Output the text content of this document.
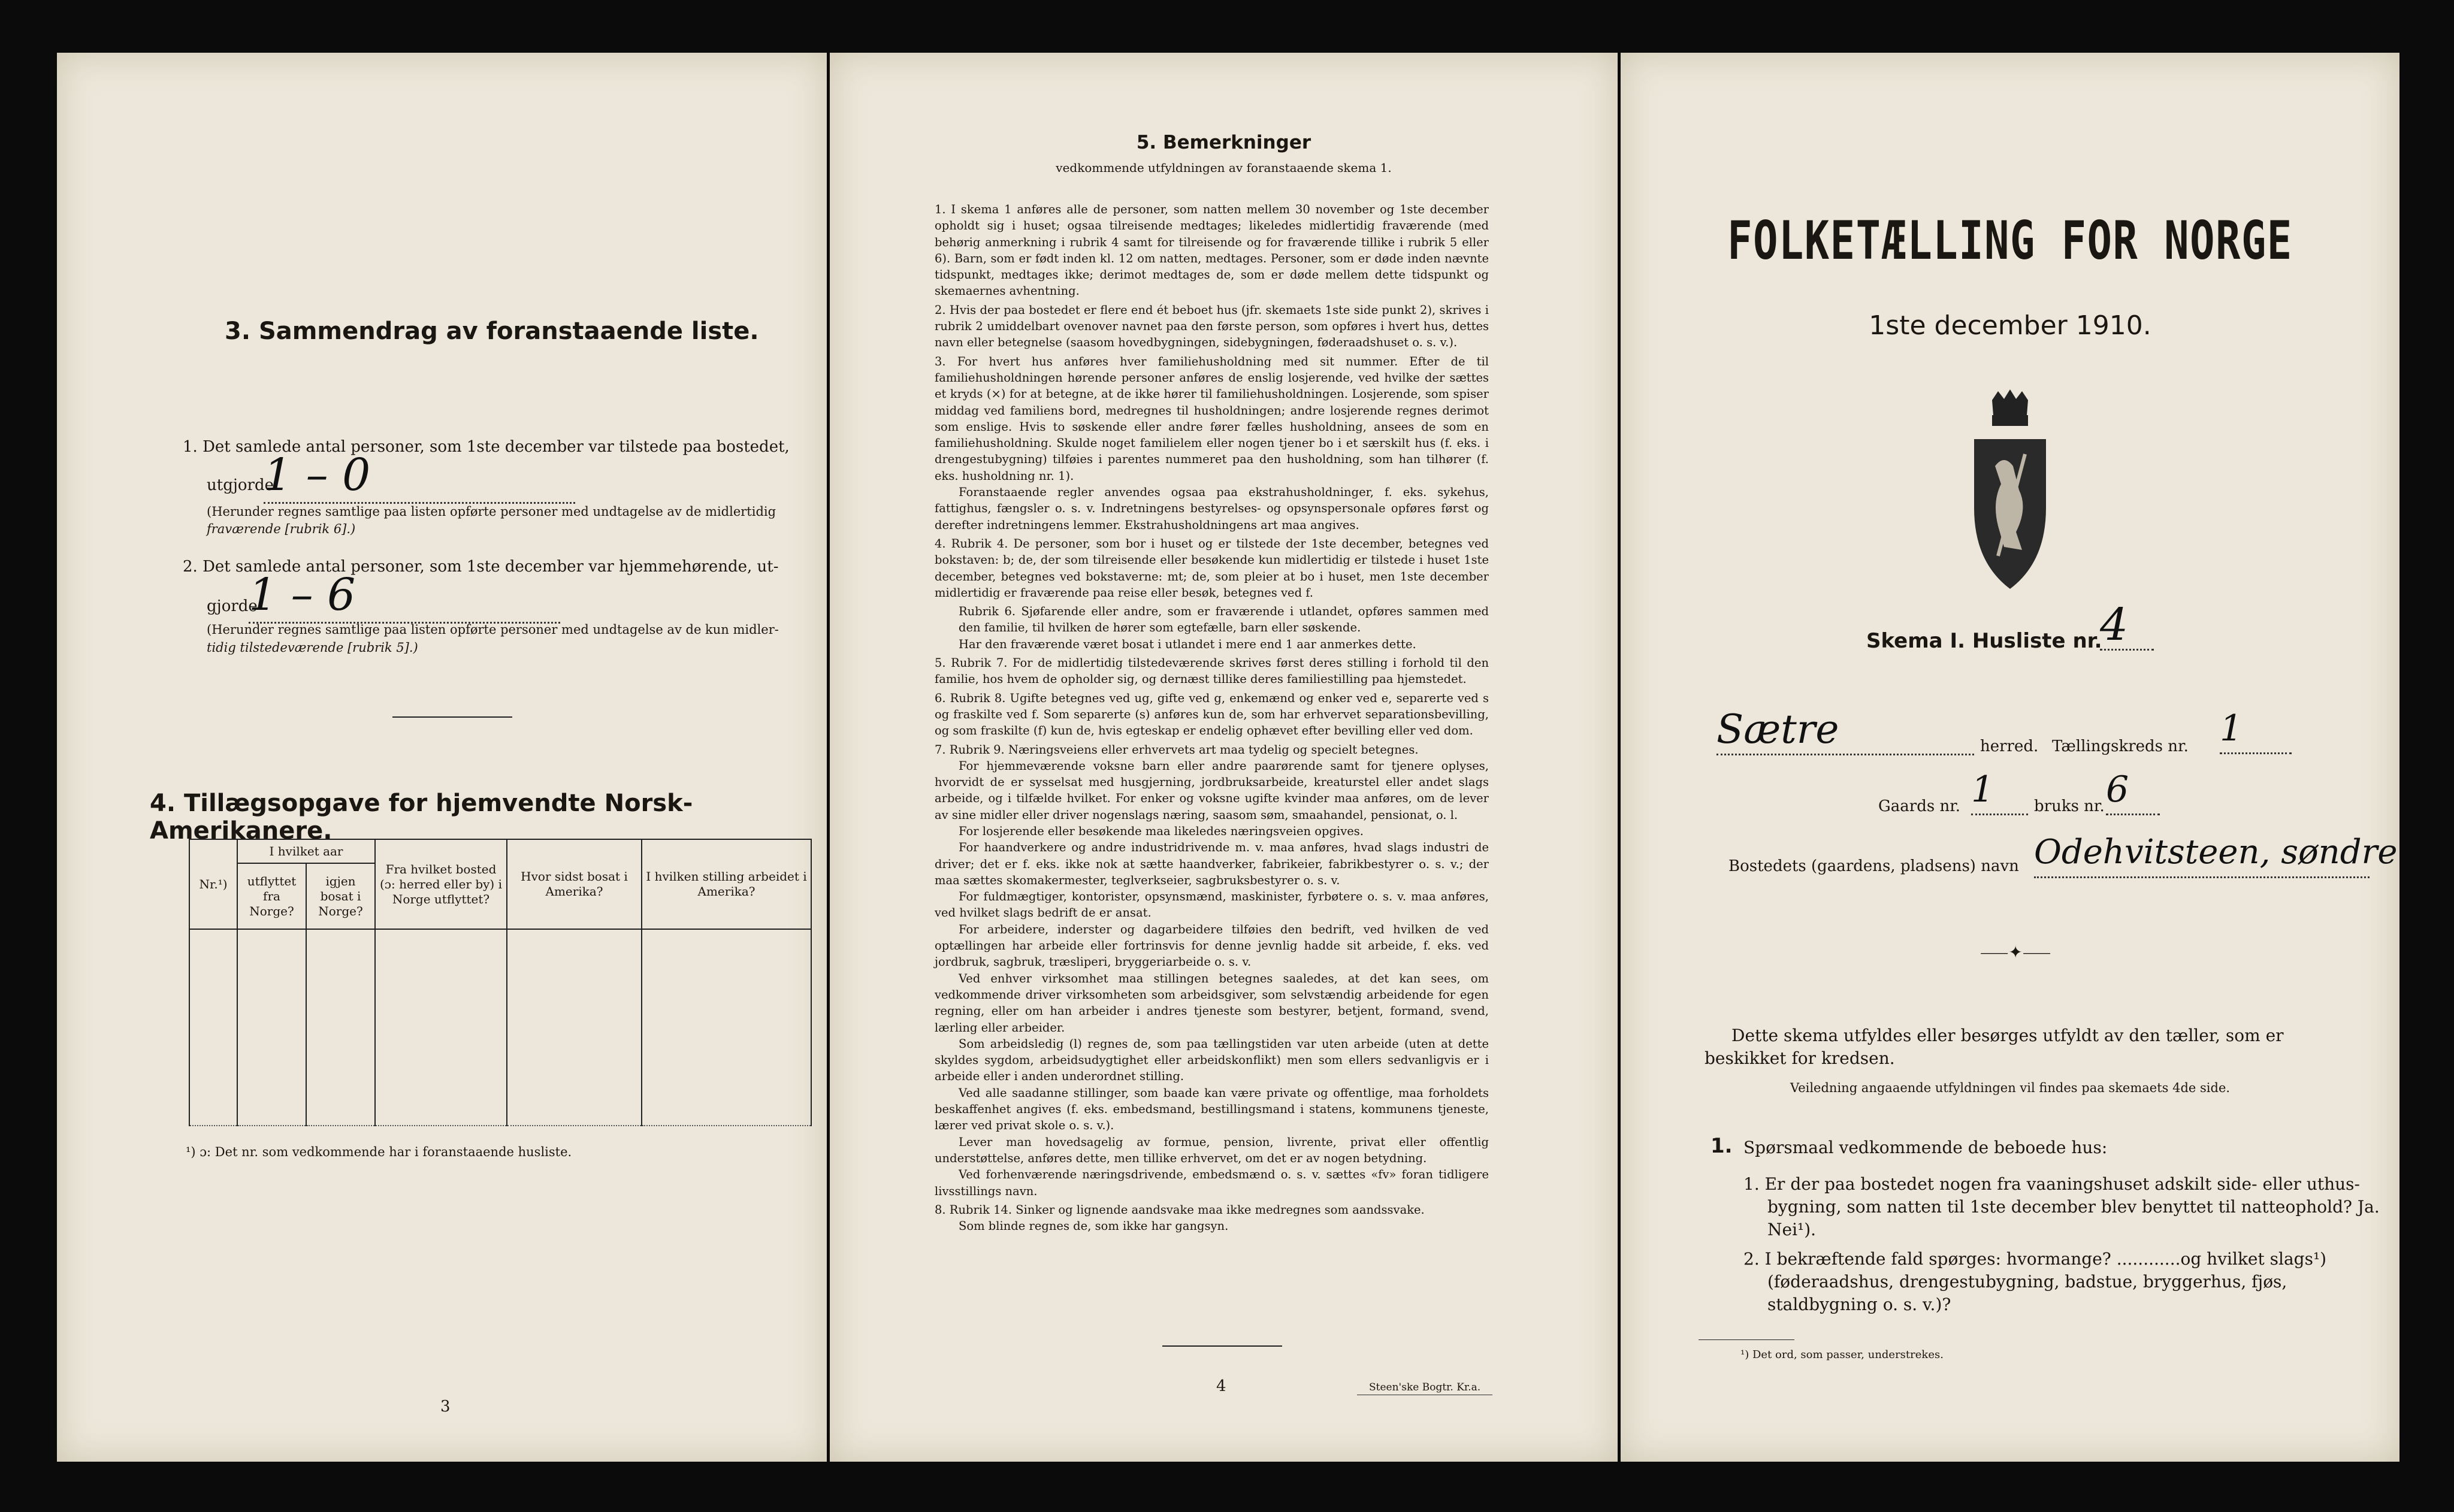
3. Sammendrag av foranstaaende liste.
1. Det samlede antal personer, som 1ste december var tilstede paa bostedet,
utgjorde
1 – 0
(Herunder regnes samtlige paa listen opførte personer med undtagelse av de midlertidig
fraværende [rubrik 6].)
2. Det samlede antal personer, som 1ste december var hjemmehørende, ut-
gjorde
1 – 6
(Herunder regnes samtlige paa listen opførte personer med undtagelse av de kun midler-
tidig tilstedeværende [rubrik 5].)
4. Tillægsopgave for hjemvendte Norsk-Amerikanere.
Nr.¹)	I hvilket aar		Fra hvilket bosted (ɔ: herred eller by) i Norge utflyttet?	Hvor sidst bosat i Amerika?	I hvilken stilling arbeidet i Amerika?
	utflyttet fra Norge?	igjen bosat i Norge?			

¹) ɔ: Det nr. som vedkommende har i foranstaaende husliste.
3
5. Bemerkninger
vedkommende utfyldningen av foranstaaende skema 1.

1. I skema 1 anføres alle de personer, som natten mellem 30 november og 1ste december opholdt sig i huset; ogsaa tilreisende medtages; likeledes midlertidig fraværende (med behørig anmerkning i rubrik 4 samt for tilreisende og for fraværende tillike i rubrik 5 eller 6). Barn, som er født inden kl. 12 om natten, medtages. Personer, som er døde inden nævnte tidspunkt, medtages ikke; derimot medtages de, som er døde mellem dette tidspunkt og skemaernes avhentning.

2. Hvis der paa bostedet er flere end ét beboet hus (jfr. skemaets 1ste side punkt 2), skrives i rubrik 2 umiddelbart ovenover navnet paa den første person, som opføres i hvert hus, dettes navn eller betegnelse (saasom hovedbygningen, sidebygningen, føderaadshuset o. s. v.).

3. For hvert hus anføres hver familiehusholdning med sit nummer. Efter de til familiehusholdningen hørende personer anføres de enslig losjerende, ved hvilke der sættes et kryds (×) for at betegne, at de ikke hører til familiehusholdningen. Losjerende, som spiser middag ved familiens bord, medregnes til husholdningen; andre losjerende regnes derimot som enslige. Hvis to søskende eller andre fører fælles husholdning, ansees de som en familiehusholdning. Skulde noget familielem eller nogen tjener bo i et særskilt hus (f. eks. i drengestubygning) tilføies i parentes nummeret paa den husholdning, som han tilhører (f. eks. husholdning nr. 1).

Foranstaaende regler anvendes ogsaa paa ekstrahusholdninger, f. eks. sykehus, fattighus, fængsler o. s. v. Indretningens bestyrelses- og opsynspersonale opføres først og derefter indretningens lemmer. Ekstrahusholdningens art maa angives.

4. Rubrik 4. De personer, som bor i huset og er tilstede der 1ste december, betegnes ved bokstaven: b; de, der som tilreisende eller besøkende kun midlertidig er tilstede i huset 1ste december, betegnes ved bokstaverne: mt; de, som pleier at bo i huset, men 1ste december midlertidig er fraværende paa reise eller besøk, betegnes ved f.

Rubrik 6. Sjøfarende eller andre, som er fraværende i utlandet, opføres sammen med den familie, til hvilken de hører som egtefælle, barn eller søskende.

Har den fraværende været bosat i utlandet i mere end 1 aar anmerkes dette.

5. Rubrik 7. For de midlertidig tilstedeværende skrives først deres stilling i forhold til den familie, hos hvem de opholder sig, og dernæst tillike deres familiestilling paa hjemstedet.

6. Rubrik 8. Ugifte betegnes ved ug, gifte ved g, enkemænd og enker ved e, separerte ved s og fraskilte ved f. Som separerte (s) anføres kun de, som har erhvervet separationsbevilling, og som fraskilte (f) kun de, hvis egteskap er endelig ophævet efter bevilling eller ved dom.

7. Rubrik 9. Næringsveiens eller erhvervets art maa tydelig og specielt betegnes.

For hjemmeværende voksne barn eller andre paarørende samt for tjenere oplyses, hvorvidt de er sysselsat med husgjerning, jordbruksarbeide, kreaturstel eller andet slags arbeide, og i tilfælde hvilket. For enker og voksne ugifte kvinder maa anføres, om de lever av sine midler eller driver nogenslags næring, saasom søm, smaahandel, pensionat, o. l.

For losjerende eller besøkende maa likeledes næringsveien opgives.

For haandverkere og andre industridrivende m. v. maa anføres, hvad slags industri de driver; det er f. eks. ikke nok at sætte haandverker, fabrikeier, fabrikbestyrer o. s. v.; der maa sættes skomakermester, teglverkseier, sagbruksbestyrer o. s. v.

For fuldmægtiger, kontorister, opsynsmænd, maskinister, fyrbøtere o. s. v. maa anføres, ved hvilket slags bedrift de er ansat.

For arbeidere, inderster og dagarbeidere tilføies den bedrift, ved hvilken de ved optællingen har arbeide eller fortrinsvis for denne jevnlig hadde sit arbeide, f. eks. ved jordbruk, sagbruk, træsliperi, bryggeriarbeide o. s. v.

Ved enhver virksomhet maa stillingen betegnes saaledes, at det kan sees, om vedkommende driver virksomheten som arbeidsgiver, som selvstændig arbeidende for egen regning, eller om han arbeider i andres tjeneste som bestyrer, betjent, formand, svend, lærling eller arbeider.

Som arbeidsledig (l) regnes de, som paa tællingstiden var uten arbeide (uten at dette skyldes sygdom, arbeidsudygtighet eller arbeidskonflikt) men som ellers sedvanligvis er i arbeide eller i anden underordnet stilling.

Ved alle saadanne stillinger, som baade kan være private og offentlige, maa forholdets beskaffenhet angives (f. eks. embedsmand, bestillingsmand i statens, kommunens tjeneste, lærer ved privat skole o. s. v.).

Lever man hovedsagelig av formue, pension, livrente, privat eller offentlig understøttelse, anføres dette, men tillike erhvervet, om det er av nogen betydning.

Ved forhenværende næringsdrivende, embedsmænd o. s. v. sættes «fv» foran tidligere livsstillings navn.

8. Rubrik 14. Sinker og lignende aandsvake maa ikke medregnes som aandssvake.

Som blinde regnes de, som ikke har gangsyn.

4	Steen'ske Bogtr. Kr.a.
FOLKETÆLLING FOR NORGE
1ste december 1910.
Skema I. Husliste nr.
4
Sætre	herred. Tællingskreds nr. 1
Gaards nr. 1	bruks nr. 6
Bostedets (gaardens, pladsens) navn Odehvitsteen, søndre
⸺✦⸺
Dette skema utfyldes eller besørges utfyldt av den tæller, som er beskikket for kredsen.
Veiledning angaaende utfyldningen vil findes paa skemaets 4de side.
1. Spørsmaal vedkommende de beboede hus:
1. Er der paa bostedet nogen fra vaaningshuset adskilt side- eller uthus-bygning, som natten til 1ste december blev benyttet til natteophold? Ja. Nei¹).
2. I bekræftende fald spørges: hvormange? ............og hvilket slags¹) (føderaadshus, drengestubygning, badstue, bryggerhus, fjøs, staldbygning o. s. v.)?
¹) Det ord, som passer, understrekes.
